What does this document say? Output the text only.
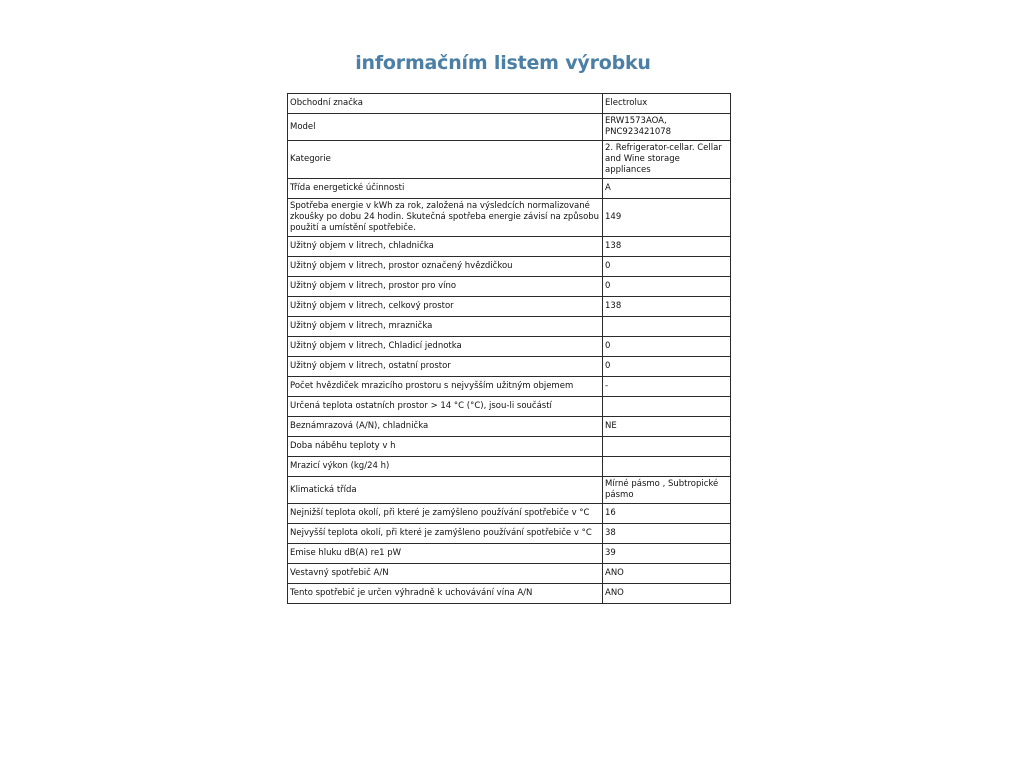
informačním listem výrobku
Obchodní značka	Electrolux
Model	ERW1573AOA, PNC923421078
Kategorie	2. Refrigerator-cellar. Cellar and Wine storage appliances
Třída energetické účinnosti	A
Spotřeba energie v kWh za rok, založená na výsledcích normalizované zkoušky po dobu 24 hodin. Skutečná spotřeba energie závisí na způsobu použití a umístění spotřebiče.	149
Užitný objem v litrech, chladnička	138
Užitný objem v litrech, prostor označený hvězdičkou	0
Užitný objem v litrech, prostor pro víno	0
Užitný objem v litrech, celkový prostor	138
Užitný objem v litrech, mraznička	
Užitný objem v litrech, Chladicí jednotka	0
Užitný objem v litrech, ostatní prostor	0
Počet hvězdiček mrazicího prostoru s nejvyšším užitným objemem	-
Určená teplota ostatních prostor > 14 °C (°C), jsou-li součástí	
Beznámrazová (A/N), chladnička	NE
Doba náběhu teploty v h	
Mrazicí výkon (kg/24 h)	
Klimatická třída	Mírné pásmo , Subtropické pásmo
Nejnižší teplota okolí, při které je zamýšleno používání spotřebiče v °C	16
Nejvyšší teplota okolí, při které je zamýšleno používání spotřebiče v °C	38
Emise hluku dB(A) re1 pW	39
Vestavný spotřebič A/N	ANO
Tento spotřebič je určen výhradně k uchovávání vína A/N	ANO
